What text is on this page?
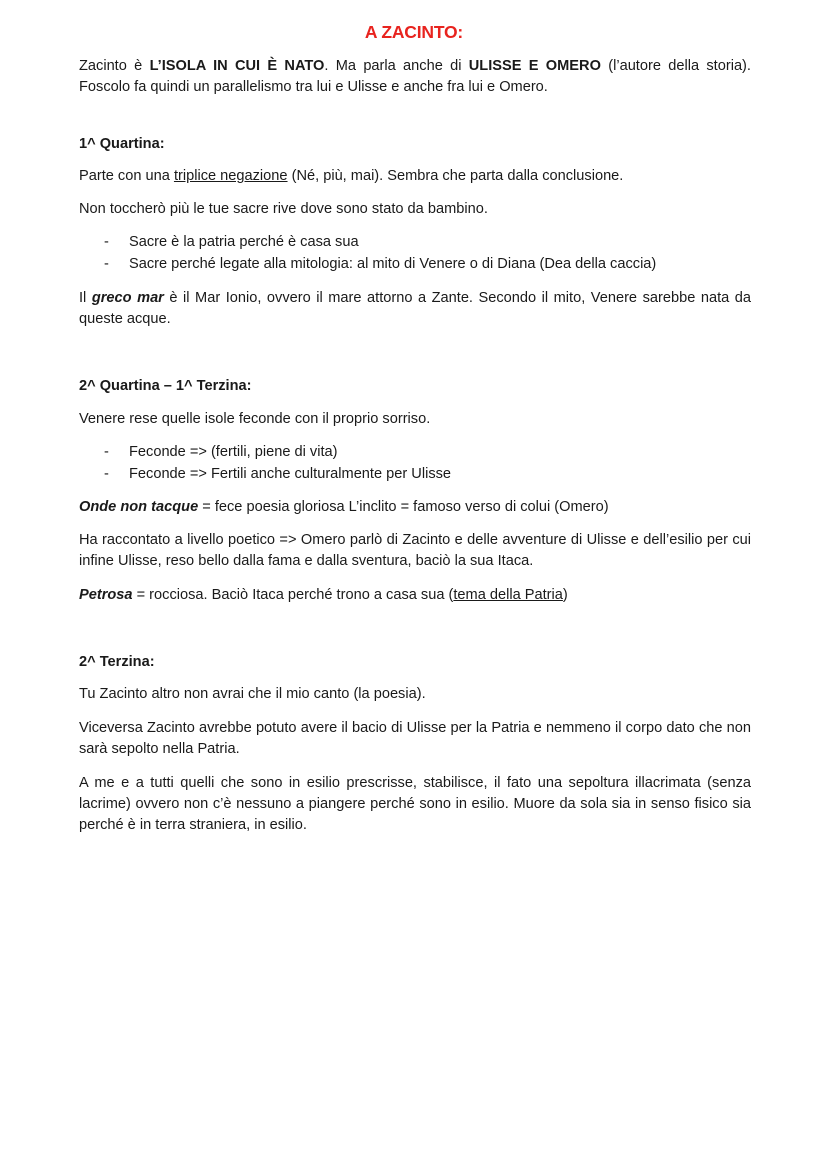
A ZACINTO:

Zacinto è L’ISOLA IN CUI È NATO. Ma parla anche di ULISSE E OMERO (l’autore della storia). Foscolo fa quindi un parallelismo tra lui e Ulisse e anche fra lui e Omero.

1^ Quartina:

Parte con una triplice negazione (Né, più, mai). Sembra che parta dalla conclusione.

Non toccherò più le tue sacre rive dove sono stato da bambino.

- Sacre è la patria perché è casa sua
- Sacre perché legate alla mitologia: al mito di Venere o di Diana (Dea della caccia)

Il greco mar è il Mar Ionio, ovvero il mare attorno a Zante. Secondo il mito, Venere sarebbe nata da queste acque.

2^ Quartina – 1^ Terzina:

Venere rese quelle isole feconde con il proprio sorriso.

- Feconde => (fertili, piene di vita)
- Feconde => Fertili anche culturalmente per Ulisse

Onde non tacque = fece poesia gloriosa L’inclito = famoso verso di colui (Omero)

Ha raccontato a livello poetico => Omero parlò di Zacinto e delle avventure di Ulisse e dell’esilio per cui infine Ulisse, reso bello dalla fama e dalla sventura, baciò la sua Itaca.

Petrosa = rocciosa. Baciò Itaca perché trono a casa sua (tema della Patria)

2^ Terzina:

Tu Zacinto altro non avrai che il mio canto (la poesia).

Viceversa Zacinto avrebbe potuto avere il bacio di Ulisse per la Patria e nemmeno il corpo dato che non sarà sepolto nella Patria.

A me e a tutti quelli che sono in esilio prescrisse, stabilisce, il fato una sepoltura illacrimata (senza lacrime) ovvero non c’è nessuno a piangere perché sono in esilio. Muore da sola sia in senso fisico sia perché è in terra straniera, in esilio.
